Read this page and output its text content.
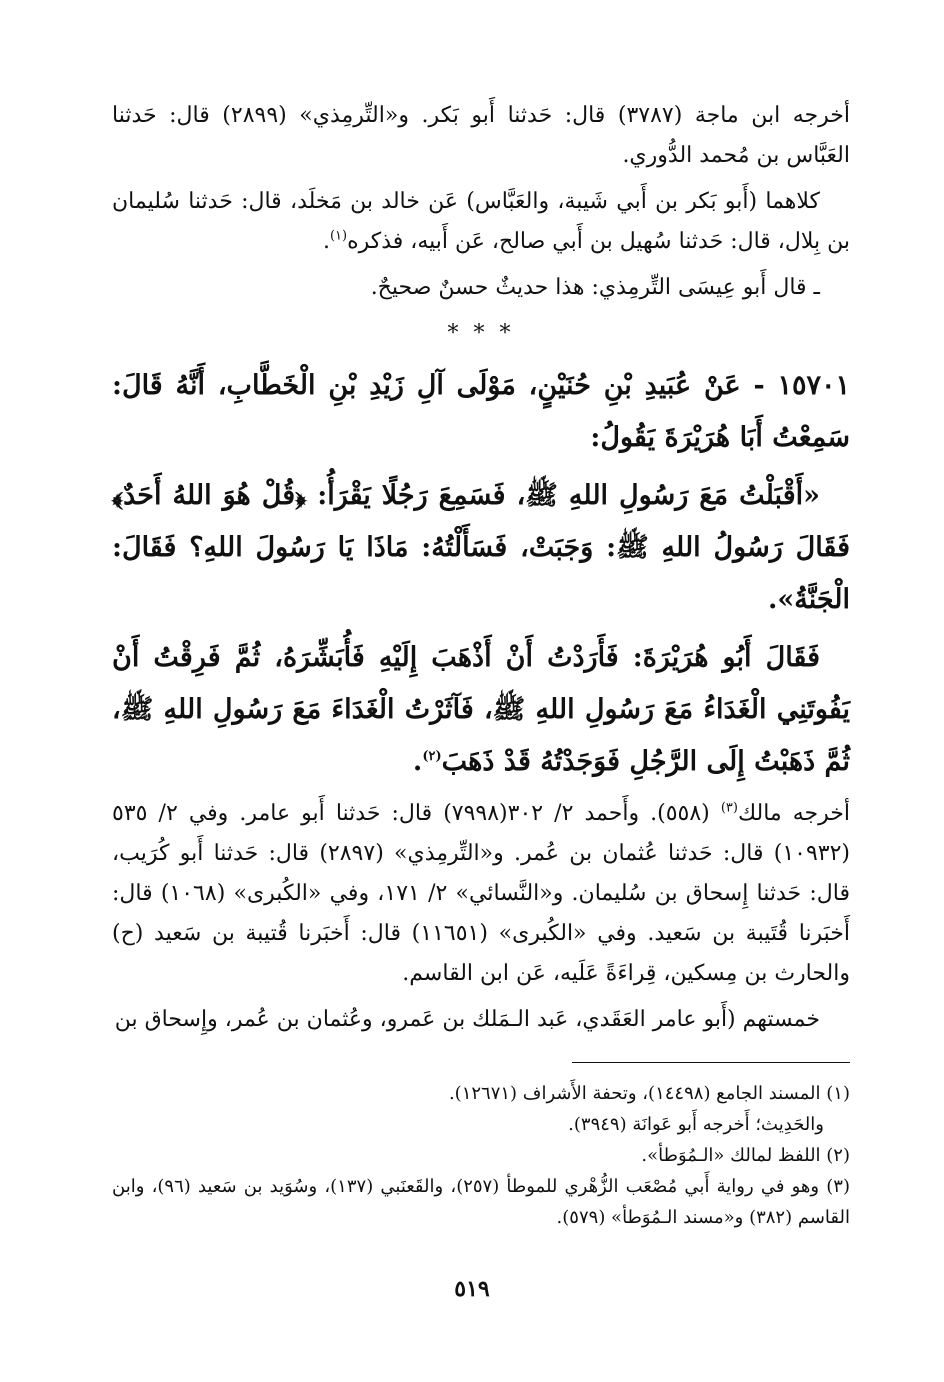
أخرجه ابن ماجة (٣٧٨٧) قال: حَدثنا أَبو بَكر. و«التِّرمِذي» (٢٨٩٩) قال: حَدثنا العَبَّاس بن مُحمد الدُّوري.

كلاهما (أَبو بَكر بن أَبي شَيبة، والعَبَّاس) عَن خالد بن مَخلَد، قال: حَدثنا سُليمان بن بِلال، قال: حَدثنا سُهيل بن أَبي صالح، عَن أَبيه، فذكره$^{(١)}$.

ـ قال أَبو عِيسَى التِّرمِذي: هذا حديثٌ حسنٌ صحيحٌ.

* * *

١٥٧٠١ - عَنْ عُبَيدِ بْنِ حُنَيْنٍ، مَوْلَى آلِ زَيْدِ بْنِ الْخَطَّابِ، أَنَّهُ قَالَ: سَمِعْتُ أَبَا هُرَيْرَةَ يَقُولُ:

«أَقْبَلْتُ مَعَ رَسُولِ اللهِ ﷺ، فَسَمِعَ رَجُلًا يَقْرَأُ: ﴿قُلْ هُوَ اللهُ أَحَدٌ﴾ فَقَالَ رَسُولُ اللهِ ﷺ: وَجَبَتْ، فَسَأَلْتُهُ: مَاذَا يَا رَسُولَ اللهِ؟ فَقَالَ: الْجَنَّةُ».

فَقَالَ أَبُو هُرَيْرَةَ: فَأَرَدْتُ أَنْ أَذْهَبَ إِلَيْهِ فَأُبَشِّرَهُ، ثُمَّ فَرِقْتُ أَنْ يَفُوتَنِي الْغَدَاءُ مَعَ رَسُولِ اللهِ ﷺ، فَآثَرْتُ الْغَدَاءَ مَعَ رَسُولِ اللهِ ﷺ، ثُمَّ ذَهَبْتُ إِلَى الرَّجُلِ فَوَجَدْتُهُ قَدْ ذَهَبَ$^{(٢)}$.

أخرجه مالك$^{(٣)}$ (٥٥٨). وأَحمد ٢/ ٣٠٢(٧٩٩٨) قال: حَدثنا أَبو عامر. وفي ٢/ ٥٣٥ (١٠٩٣٢) قال: حَدثنا عُثمان بن عُمر. و«التِّرمِذي» (٢٨٩٧) قال: حَدثنا أَبو كُرَيب، قال: حَدثنا إِسحاق بن سُليمان. و«النَّسائي» ٢/ ١٧١، وفي «الكُبرى» (١٠٦٨) قال: أَخبَرنا قُتَيبة بن سَعيد. وفي «الكُبرى» (١١٦٥١) قال: أَخبَرنا قُتيبة بن سَعيد (ح) والحارث بن مِسكين، قِراءَةً عَلَيه، عَن ابن القاسم.

خمستهم (أَبو عامر العَقَدي، عَبد الـمَلك بن عَمرو، وعُثمان بن عُمر، وإِسحاق بن

(١) المسند الجامع (١٤٤٩٨)، وتحفة الأَشراف (١٢٦٧١).

والحَدِيث؛ أَخرجه أَبو عَوانَة (٣٩٤٩).

(٢) اللفظ لمالك «الـمُوَطأ».

(٣) وهو في رواية أَبي مُصْعَب الزُّهْري للموطأ (٢٥٧)، والقَعنَبي (١٣٧)، وسُوَيد بن سَعيد (٩٦)، وابن القاسم (٣٨٢) و«مسند الـمُوَطأ» (٥٧٩).

٥١٩
